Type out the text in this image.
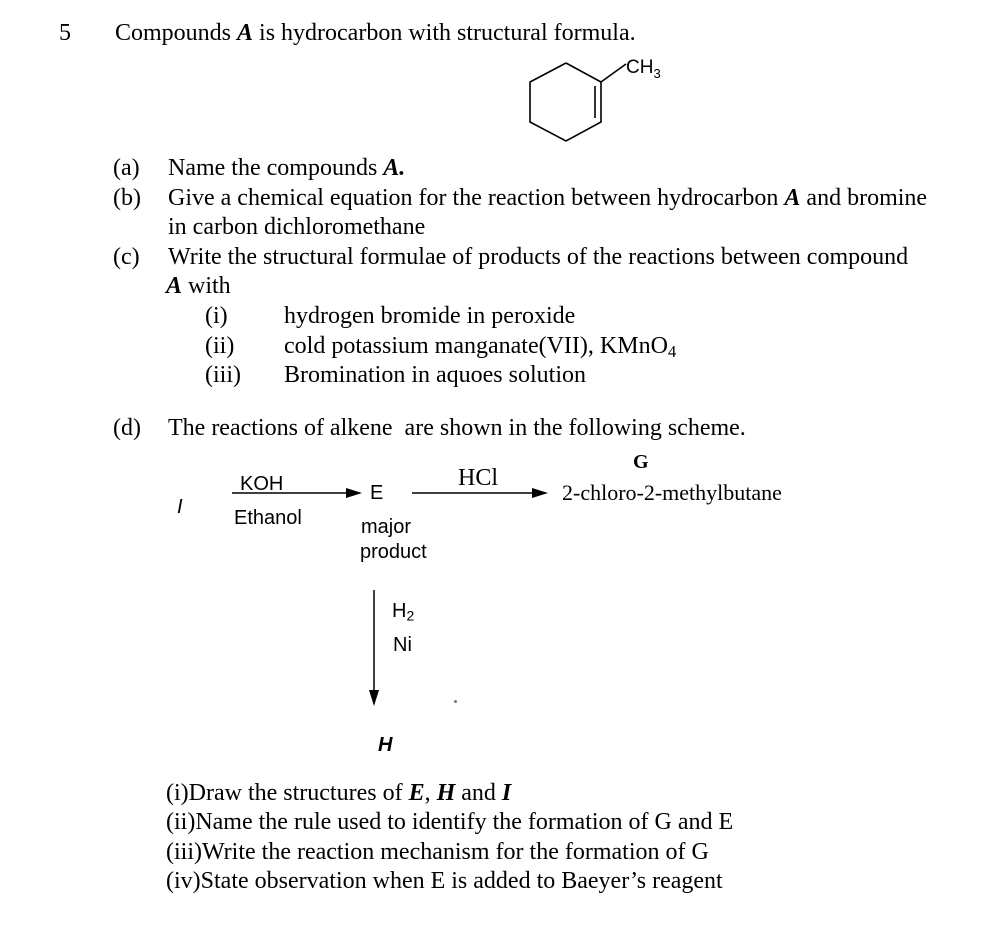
5 Compounds A is hydrocarbon with structural formula.
$CH_3$
(a) Name the compounds A.
(b) Give a chemical equation for the reaction between hydrocarbon A and bromine
in carbon dichloromethane
(c) Write the structural formulae of products of the reactions between compound
A with
(i) hydrogen bromide in peroxide
(ii) cold potassium manganate(VII), KMnO$_4$
(iii) Bromination in aquoes solution
(d) The reactions of alkene  are shown in the following scheme.
I
KOH
Ethanol
E
major
product
HCl
G
2-chloro-2-methylbutane
$H_2$
Ni
H
(i)Draw the structures of E, H and I
(ii)Name the rule used to identify the formation of G and E
(iii)Write the reaction mechanism for the formation of G
(iv)State observation when E is added to Baeyer’s reagent
